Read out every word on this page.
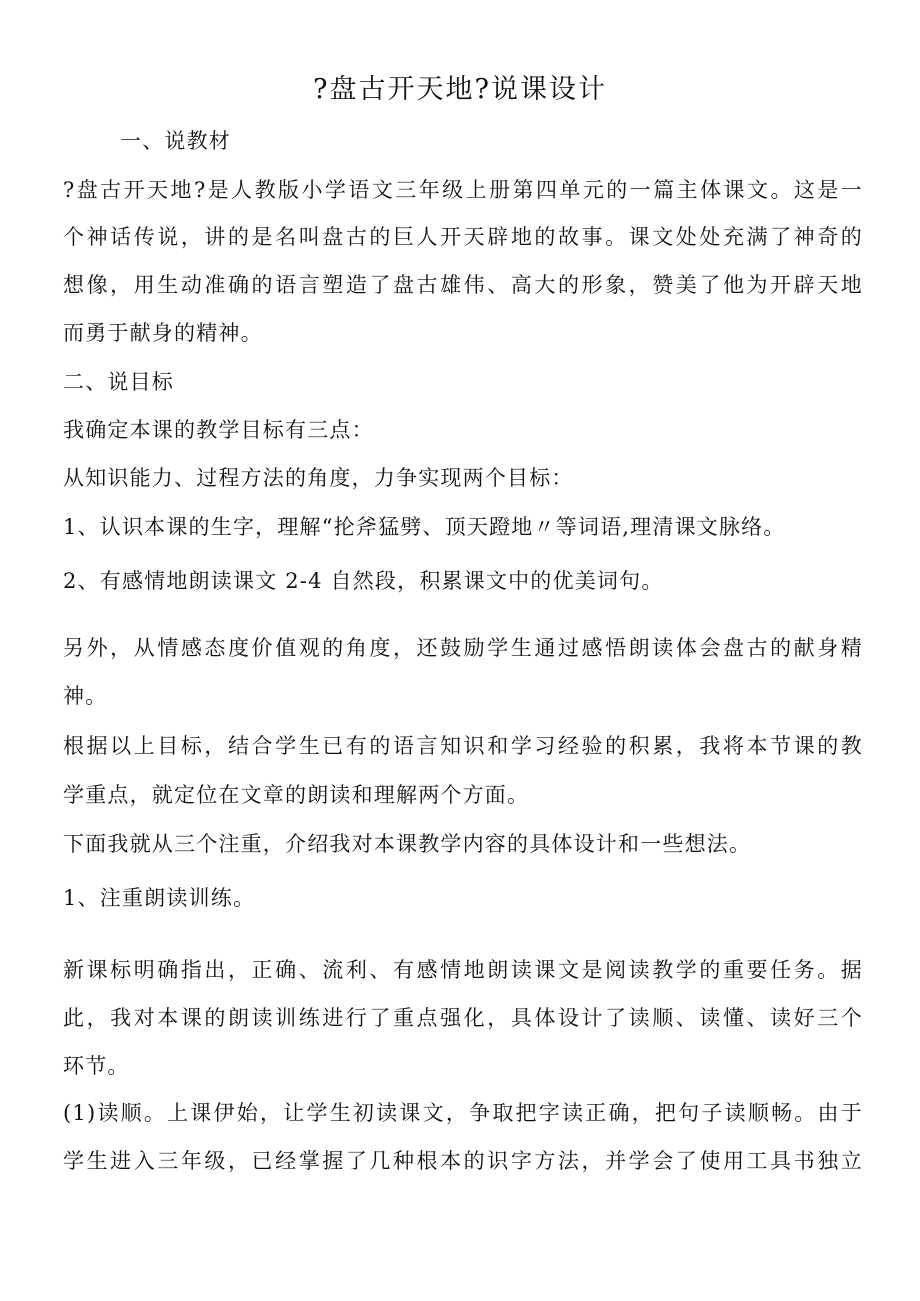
?盘古开天地?说课设计

一、说教材

?盘古开天地?是人教版小学语文三年级上册第四单元的一篇主体课文。这是一

个神话传说，讲的是名叫盘古的巨人开天辟地的故事。课文处处充满了神奇的

想像，用生动准确的语言塑造了盘古雄伟、高大的形象，赞美了他为开辟天地

而勇于献身的精神。

二、说目标

我确定本课的教学目标有三点：

从知识能力、过程方法的角度，力争实现两个目标：

1、认识本课的生字，理解“抡斧猛劈、顶天蹬地〃等词语,理清课文脉络。

2、有感情地朗读课文 2-4 自然段，积累课文中的优美词句。

另外，从情感态度价值观的角度，还鼓励学生通过感悟朗读体会盘古的献身精

神。

根据以上目标，结合学生已有的语言知识和学习经验的积累，我将本节课的教

学重点，就定位在文章的朗读和理解两个方面。

下面我就从三个注重，介绍我对本课教学内容的具体设计和一些想法。

1、注重朗读训练。

新课标明确指出，正确、流利、有感情地朗读课文是阅读教学的重要任务。据

此，我对本课的朗读训练进行了重点强化，具体设计了读顺、读懂、读好三个

环节。

(1)读顺。上课伊始，让学生初读课文，争取把字读正确，把句子读顺畅。由于

学生进入三年级，已经掌握了几种根本的识字方法，并学会了使用工具书独立
